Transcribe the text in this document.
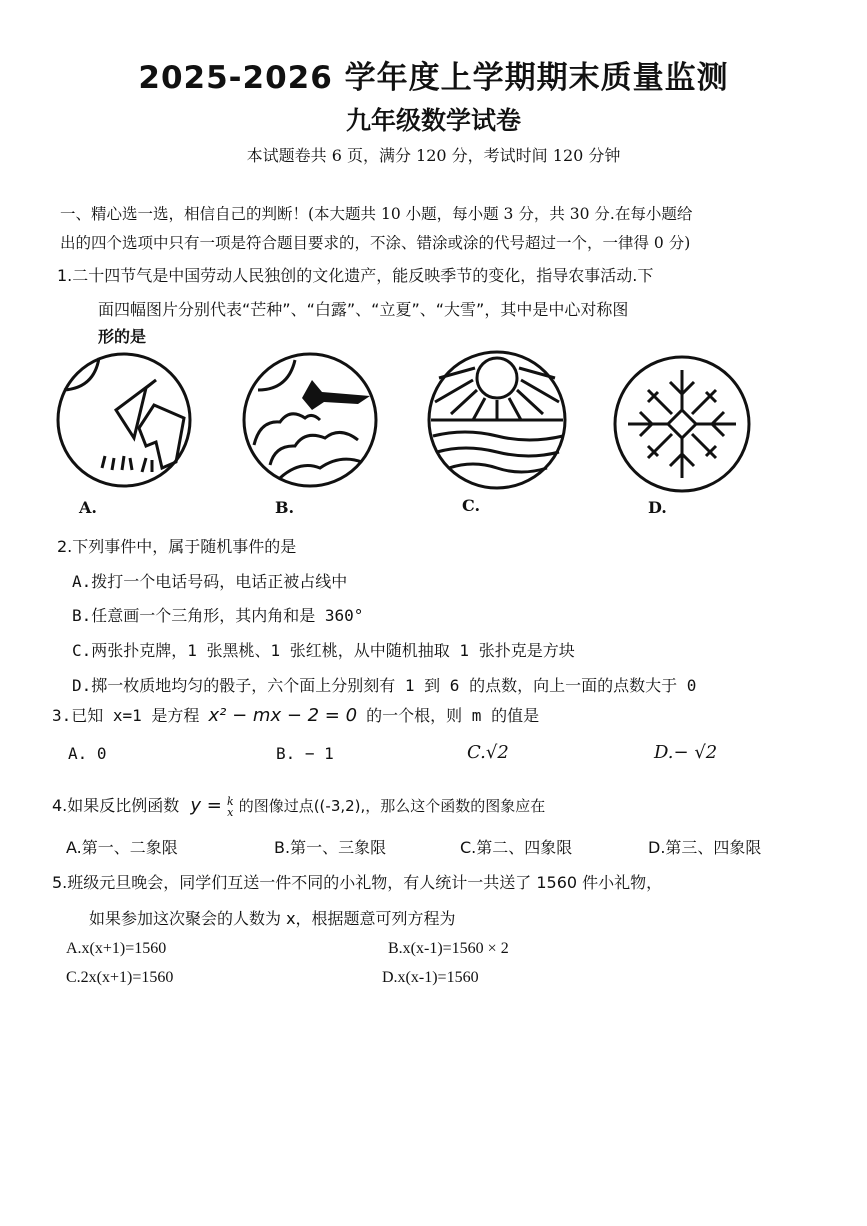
2025-2026 学年度上学期期末质量监测
九年级数学试卷
本试题卷共 6 页，满分 120 分，考试时间 120 分钟
一、精心选一选，相信自己的判断！(本大题共 10 小题，每小题 3 分，共 30 分.在每小题给
出的四个选项中只有一项是符合题目要求的，不涂、错涂或涂的代号超过一个，一律得 0 分)
1.二十四节气是中国劳动人民独创的文化遗产，能反映季节的变化，指导农事活动.下
面四幅图片分别代表“芒种”、“白露”、“立夏”、“大雪”，其中是中心对称图
形的是
A.	B.	C.	D.
2.下列事件中，属于随机事件的是
A.拨打一个电话号码，电话正被占线中
B.任意画一个三角形，其内角和是 360°
C.两张扑克牌，1 张黑桃、1 张红桃，从中随机抽取 1 张扑克是方块
D.掷一枚质地均匀的骰子，六个面上分别刻有 1 到 6 的点数，向上一面的点数大于 0
3.已知 x=1 是方程 x² − mx − 2 = 0 的一个根，则 m 的值是
A. 0	B. − 1	C.√2	D.− √2
4.如果反比例函数 y = k
x 的图像过点((-3,2),，那么这个函数的图象应在
A.第一、二象限	B.第一、三象限	C.第二、四象限	D.第三、四象限
5.班级元旦晚会，同学们互送一件不同的小礼物，有人统计一共送了 1560 件小礼物，
如果参加这次聚会的人数为 x，根据题意可列方程为
A.x(x+1)=1560	B.x(x-1)=1560 × 2
C.2x(x+1)=1560	D.x(x-1)=1560
